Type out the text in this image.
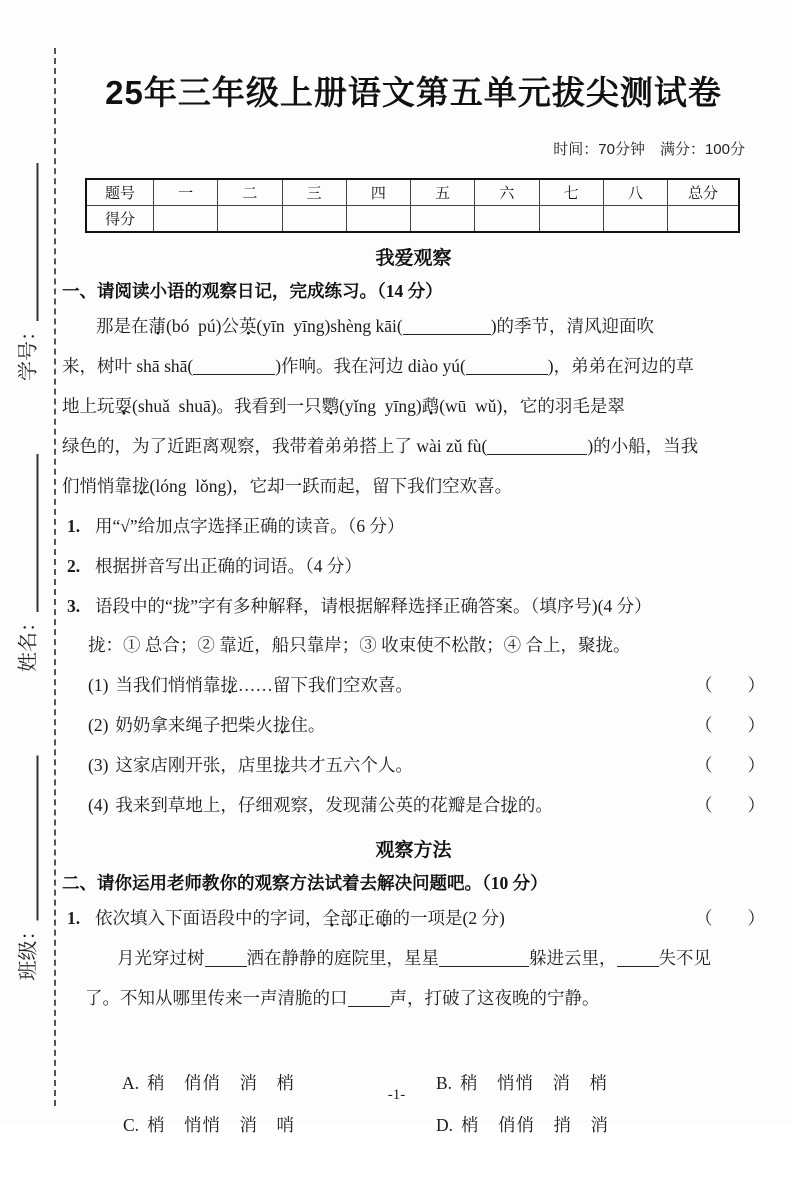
学号：
姓名：
班级：
25年三年级上册语文第五单元拔尖测试卷
时间：70分钟　满分：100分
题号	一	二	三	四	五	六	七	八	总分
得分									
我爱观察
一、请阅读小语的观察日记，完成练习。（14 分）
那是在蒲 ●(bó  pú)公英 ●(yīn  yīng)shèng kāi(	)的季节，清风迎面吹
来，树叶 shā shā(	)作响。我在河边 diào yú(	)，弟弟在河边的草
地上玩耍 ●(shuǎ  shuā)。我看到一只鹦 ●(yǐng  yīng)鹉 ●(wū  wǔ)，它的羽毛是翠
绿色的，为了近距离观察，我带着弟弟搭上了 wài zǔ fù(	)的小船，当我
们悄悄靠拢 ●(lóng  lǒng)，它却一跃而起，留下我们空欢喜。
1. 用“√”给加点字选择正确的读音。（6 分）
2. 根据拼音写出正确的词语。（4 分）
3. 语段中的“拢”字有多种解释，请根据解释选择正确答案。（填序号)(4 分）
拢：① 总合；② 靠近，船只靠岸；③ 收束使不松散；④ 合上，聚拢。
(1) 当我们悄悄靠拢 ●……留下我们空欢喜。	（　　）
(2) 奶奶拿来绳子把柴火拢 ●住。	（　　）
(3) 这家店刚开张，店里拢 ●共才五六个人。	（　　）
(4) 我来到草地上，仔细观察，发现蒲公英的花瓣是合拢 ●的。	（　　）
观察方法
二、请你运用老师教你的观察方法试着去解决问题吧。（10 分）
1. 依次填入下面语段中的字词，全 ●部 ●正 ●确 ●的一项是(2 分)	（　　）
月光穿过树 洒在静静的庭院里，星星	躲进云里， 失不见
了。不知从哪里传来一声清脆的口 声，打破了这夜晚的宁静。

A. 稍　俏俏　消　梢
	B. 稍　悄悄　消　梢

C. 梢　悄悄　消　哨
	D. 梢　俏俏　捎　消

-1-
